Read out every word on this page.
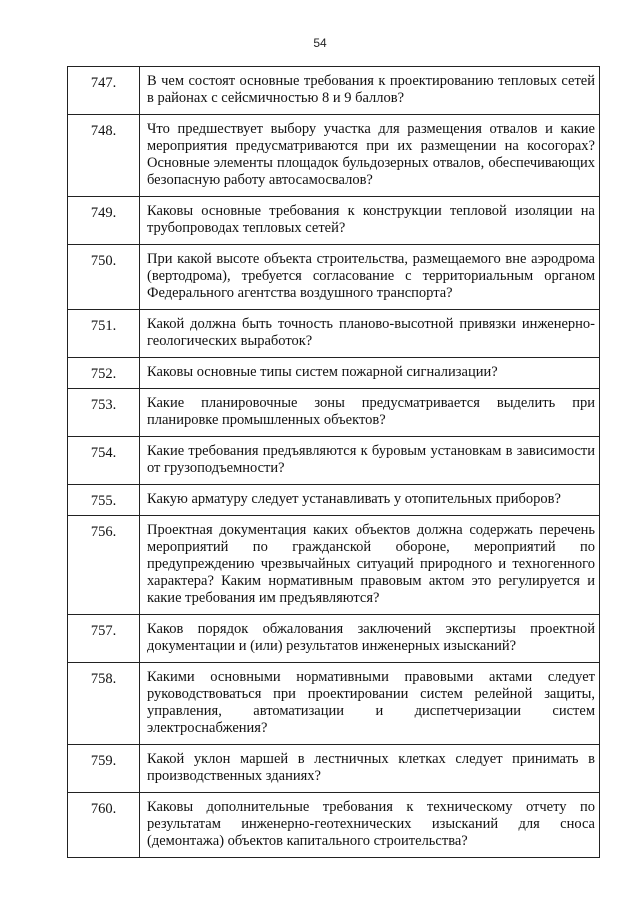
54
747.	В чем состоят основные требования к проектированию тепловых сетей в районах с сейсмичностью 8 и 9 баллов?
748.	Что предшествует выбору участка для размещения отвалов и какие мероприятия предусматриваются при их размещении на косогорах? Основные элементы площадок бульдозерных отвалов, обеспечивающих безопасную работу автосамосвалов?
749.	Каковы основные требования к конструкции тепловой изоляции на трубопроводах тепловых сетей?
750.	При какой высоте объекта строительства, размещаемого вне аэродрома (вертодрома), требуется согласование с территориальным органом Федерального агентства воздушного транспорта?
751.	Какой должна быть точность планово-высотной привязки инженерно-геологических выработок?
752.	Каковы основные типы систем пожарной сигнализации?
753.	Какие планировочные зоны предусматривается выделить при планировке промышленных объектов?
754.	Какие требования предъявляются к буровым установкам в зависимости от грузоподъемности?
755.	Какую арматуру следует устанавливать у отопительных приборов?
756.	Проектная документация каких объектов должна содержать перечень мероприятий по гражданской обороне, мероприятий по предупреждению чрезвычайных ситуаций природного и техногенного характера? Каким нормативным правовым актом это регулируется и какие требования им предъявляются?
757.	Каков порядок обжалования заключений экспертизы проектной документации и (или) результатов инженерных изысканий?
758.	Какими основными нормативными правовыми актами следует руководствоваться при проектировании систем релейной защиты, управления, автоматизации и диспетчеризации систем электроснабжения?
759.	Какой уклон маршей в лестничных клетках следует принимать в производственных зданиях?
760.	Каковы дополнительные требования к техническому отчету по результатам инженерно-геотехнических изысканий для сноса (демонтажа) объектов капитального строительства?
